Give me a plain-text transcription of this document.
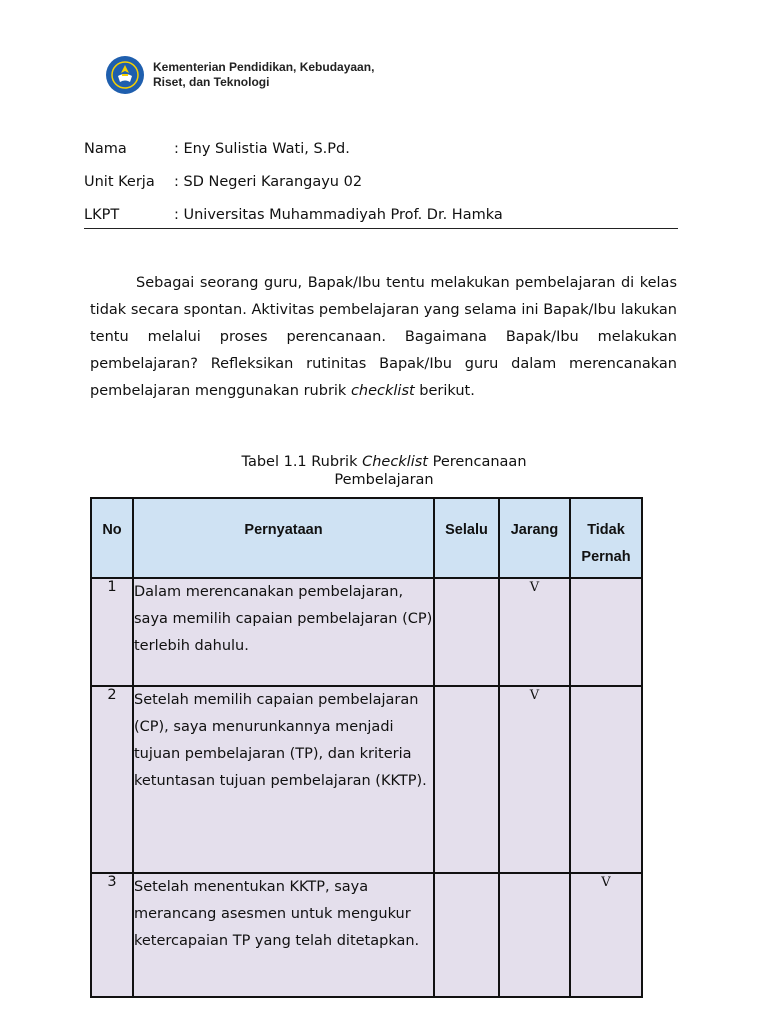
Kementerian Pendidikan, Kebudayaan,
Riset, dan Teknologi
Nama	: Eny Sulistia Wati, S.Pd.
Unit Kerja	: SD Negeri Karangayu 02
LKPT	: Universitas Muhammadiyah Prof. Dr. Hamka
Sebagai seorang guru, Bapak/Ibu tentu melakukan pembelajaran di kelas tidak secara spontan. Aktivitas pembelajaran yang selama ini Bapak/Ibu lakukan tentu melalui proses perencanaan. Bagaimana Bapak/Ibu melakukan pembelajaran? Refleksikan rutinitas Bapak/Ibu guru dalam merencanakan pembelajaran menggunakan rubrik checklist berikut.
Tabel 1.1 Rubrik Checklist Perencanaan
Pembelajaran
No	Pernyataan	Selalu	Jarang	Tidak
Pernah
1	Dalam merencanakan pembelajaran, saya memilih capaian pembelajaran (CP) terlebih dahulu.		V	
2	Setelah memilih capaian pembelajaran (CP), saya menurunkannya menjadi tujuan pembelajaran (TP), dan kriteria ketuntasan tujuan pembelajaran (KKTP).		V	
3	Setelah menentukan KKTP, saya merancang asesmen untuk mengukur ketercapaian TP yang telah ditetapkan.			V
